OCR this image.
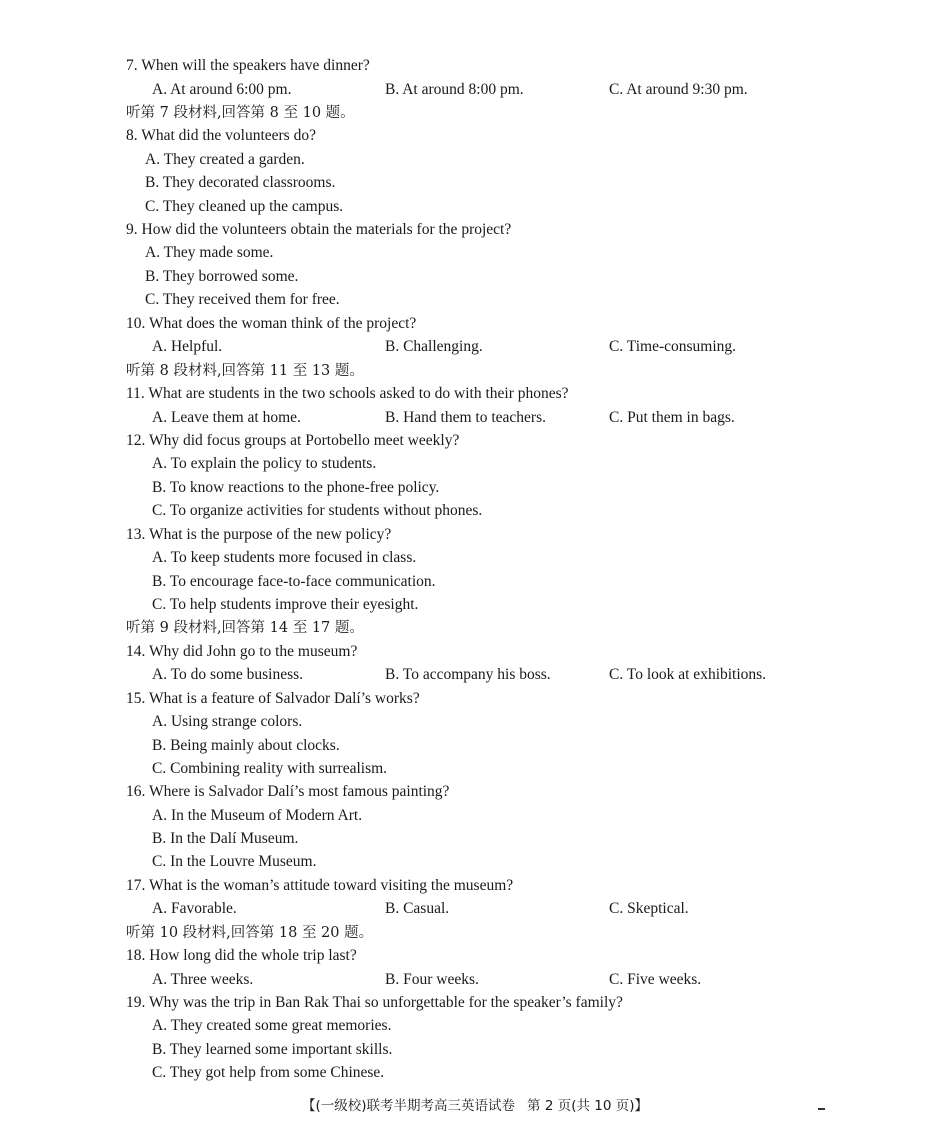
7. When will the speakers have dinner?
A. At around 6:00 pm.	B. At around 8:00 pm.	C. At around 9:30 pm.
听第 7 段材料,回答第 8 至 10 题。
8. What did the volunteers do?
A. They created a garden.
B. They decorated classrooms.
C. They cleaned up the campus.
9. How did the volunteers obtain the materials for the project?
A. They made some.
B. They borrowed some.
C. They received them for free.
10. What does the woman think of the project?
A. Helpful.	B. Challenging.	C. Time-consuming.
听第 8 段材料,回答第 11 至 13 题。
11. What are students in the two schools asked to do with their phones?
A. Leave them at home.	B. Hand them to teachers.	C. Put them in bags.
12. Why did focus groups at Portobello meet weekly?
A. To explain the policy to students.
B. To know reactions to the phone-free policy.
C. To organize activities for students without phones.
13. What is the purpose of the new policy?
A. To keep students more focused in class.
B. To encourage face-to-face communication.
C. To help students improve their eyesight.
听第 9 段材料,回答第 14 至 17 题。
14. Why did John go to the museum?
A. To do some business.	B. To accompany his boss.	C. To look at exhibitions.
15. What is a feature of Salvador Dalí’s works?
A. Using strange colors.
B. Being mainly about clocks.
C. Combining reality with surrealism.
16. Where is Salvador Dalí’s most famous painting?
A. In the Museum of Modern Art.
B. In the Dalí Museum.
C. In the Louvre Museum.
17. What is the woman’s attitude toward visiting the museum?
A. Favorable.	B. Casual.	C. Skeptical.
听第 10 段材料,回答第 18 至 20 题。
18. How long did the whole trip last?
A. Three weeks.	B. Four weeks.	C. Five weeks.
19. Why was the trip in Ban Rak Thai so unforgettable for the speaker’s family?
A. They created some great memories.
B. They learned some important skills.
C. They got help from some Chinese.
【(一级校)联考半期考高三英语试卷 第 2 页(共 10 页)】
